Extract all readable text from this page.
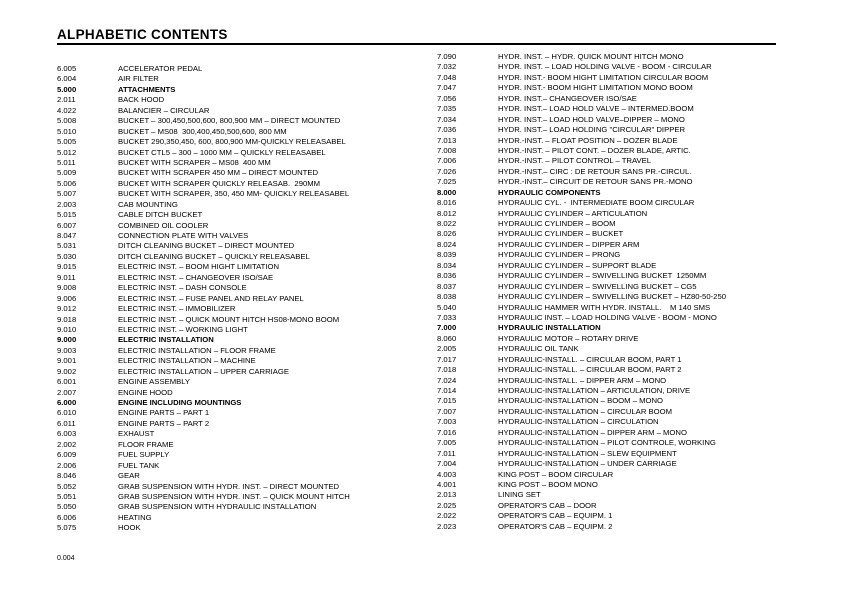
ALPHABETIC CONTENTS
6.005	ACCELERATOR PEDAL
6.004	AIR FILTER
5.000	ATTACHMENTS
2.011	BACK HOOD
4.022	BALANCIER – CIRCULAR
5.008	BUCKET – 300,450,500,600, 800,900 MM – DIRECT MOUNTED
5.010	BUCKET – MS08  300,400,450,500,600, 800 MM
5.005	BUCKET 290,350,450, 600, 800,900 MM-QUICKLY RELEASABEL
5.012	BUCKET CTL5 – 300 – 1000 MM – QUICKLY RELEASABEL
5.011	BUCKET WITH SCRAPER – MS08  400 MM
5.009	BUCKET WITH SCRAPER 450 MM – DIRECT MOUNTED
5.006	BUCKET WITH SCRAPER QUICKLY RELEASAB.  290MM
5.007	BUCKET WITH SCRAPER, 350, 450 MM- QUICKLY RELEASABEL
2.003	CAB MOUNTING
5.015	CABLE DITCH BUCKET
6.007	COMBINED OIL COOLER
8.047	CONNECTION PLATE WITH VALVES
5.031	DITCH CLEANING BUCKET – DIRECT MOUNTED
5.030	DITCH CLEANING BUCKET – QUICKLY RELEASABEL
9.015	ELECTRIC INST. – BOOM HIGHT LIMITATION
9.011	ELECTRIC INST. – CHANGEOVER ISO/SAE
9.008	ELECTRIC INST. – DASH CONSOLE
9.006	ELECTRIC INST. – FUSE PANEL AND RELAY PANEL
9.012	ELECTRIC INST. – IMMOBILIZER
9.018	ELECTRIC INST. – QUICK MOUNT HITCH HS08-MONO BOOM
9.010	ELECTRIC INST. – WORKING LIGHT
9.000	ELECTRIC INSTALLATION
9.003	ELECTRIC INSTALLATION – FLOOR FRAME
9.001	ELECTRIC INSTALLATION – MACHINE
9.002	ELECTRIC INSTALLATION – UPPER CARRIAGE
6.001	ENGINE ASSEMBLY
2.007	ENGINE HOOD
6.000	ENGINE INCLUDING MOUNTINGS
6.010	ENGINE PARTS – PART 1
6.011	ENGINE PARTS – PART 2
6.003	EXHAUST
2.002	FLOOR FRAME
6.009	FUEL SUPPLY
2.006	FUEL TANK
8.046	GEAR
5.052	GRAB SUSPENSION WITH HYDR. INST. – DIRECT MOUNTED
5.051	GRAB SUSPENSION WITH HYDR. INST. – QUICK MOUNT HITCH
5.050	GRAB SUSPENSION WITH HYDRAULIC INSTALLATION
6.006	HEATING
5.075	HOOK
7.090	HYDR. INST. – HYDR. QUICK MOUNT HITCH MONO
7.032	HYDR. INST. – LOAD HOLDING VALVE - BOOM - CIRCULAR
7.048	HYDR. INST.- BOOM HIGHT LIMITATION CIRCULAR BOOM
7.047	HYDR. INST.- BOOM HIGHT LIMITATION MONO BOOM
7.056	HYDR. INST.– CHANGEOVER ISO/SAE
7.035	HYDR. INST.– LOAD HOLD VALVE – INTERMED.BOOM
7.034	HYDR. INST.– LOAD HOLD VALVE–DIPPER – MONO
7.036	HYDR. INST.– LOAD HOLDING "CIRCULAR" DIPPER
7.013	HYDR.-INST. – FLOAT POSITION – DOZER BLADE
7.008	HYDR.-INST. – PILOT CONT. – DOZER BLADE, ARTIC.
7.006	HYDR.-INST. – PILOT CONTROL – TRAVEL
7.026	HYDR.-INST.– CIRC : DE RETOUR SANS PR.-CIRCUL.
7.025	HYDR.-INST.– CIRCUIT DE RETOUR SANS PR.-MONO
8.000	HYDRAULIC COMPONENTS
8.016	HYDRAULIC CYL. -  INTERMEDIATE BOOM CIRCULAR
8.012	HYDRAULIC CYLINDER – ARTICULATION
8.022	HYDRAULIC CYLINDER – BOOM
8.026	HYDRAULIC CYLINDER – BUCKET
8.024	HYDRAULIC CYLINDER – DIPPER ARM
8.039	HYDRAULIC CYLINDER – PRONG
8.034	HYDRAULIC CYLINDER – SUPPORT BLADE
8.036	HYDRAULIC CYLINDER – SWIVELLING BUCKET  1250MM
8.037	HYDRAULIC CYLINDER – SWIVELLING BUCKET – CG5
8.038	HYDRAULIC CYLINDER – SWIVELLING BUCKET – HZ80-50-250
5.040	HYDRAULIC HAMMER WITH HYDR. INSTALL.    M 140 SMS
7.033	HYDRAULIC INST. – LOAD HOLDING VALVE - BOOM - MONO
7.000	HYDRAULIC INSTALLATION
8.060	HYDRAULIC MOTOR – ROTARY DRIVE
2.005	HYDRAULIC OIL TANK
7.017	HYDRAULIC-INSTALL. – CIRCULAR BOOM, PART 1
7.018	HYDRAULIC-INSTALL. – CIRCULAR BOOM, PART 2
7.024	HYDRAULIC-INSTALL. – DIPPER ARM – MONO
7.014	HYDRAULIC-INSTALLATION – ARTICULATION, DRIVE
7.015	HYDRAULIC-INSTALLATION – BOOM – MONO
7.007	HYDRAULIC-INSTALLATION – CIRCULAR BOOM
7.003	HYDRAULIC-INSTALLATION – CIRCULATION
7.016	HYDRAULIC-INSTALLATION – DIPPER ARM – MONO
7.005	HYDRAULIC-INSTALLATION – PILOT CONTROLE, WORKING
7.011	HYDRAULIC-INSTALLATION – SLEW EQUIPMENT
7.004	HYDRAULIC-INSTALLATION – UNDER CARRIAGE
4.003	KING POST – BOOM CIRCULAR
4.001	KING POST – BOOM MONO
2.013	LINING SET
2.025	OPERATOR'S CAB – DOOR
2.022	OPERATOR'S CAB – EQUIPM. 1
2.023	OPERATOR'S CAB – EQUIPM. 2
0.004
